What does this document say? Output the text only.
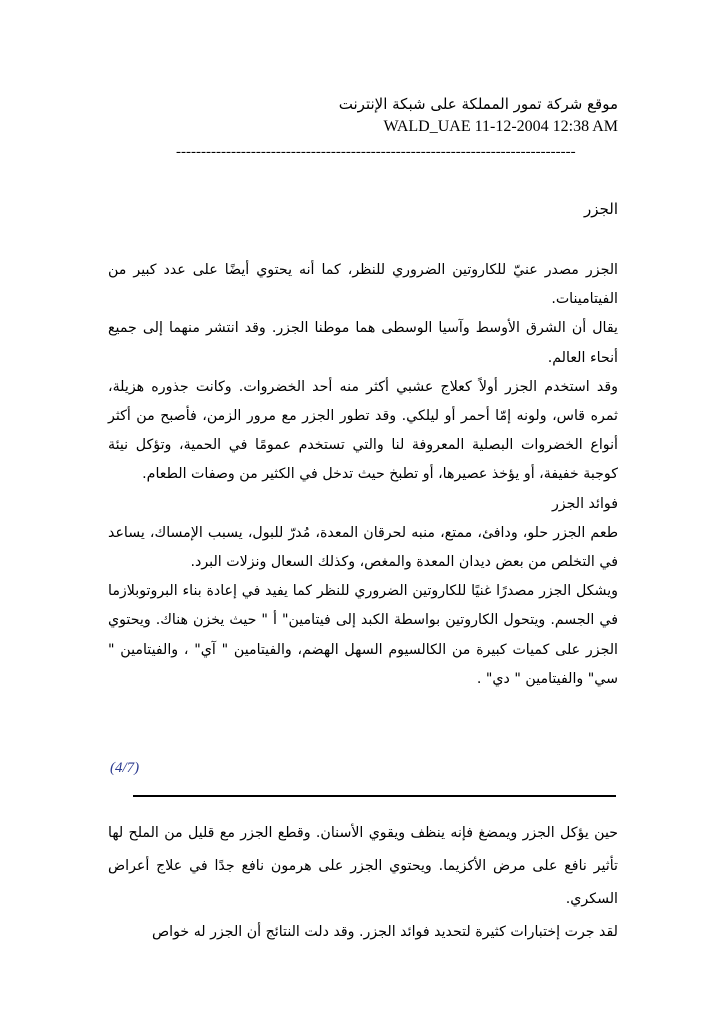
موقع شركة تمور المملكة على شبكة الإنترنت
WALD_UAE 11-12-2004 12:38 AM
--------------------------------------------------------------------------------
الجزر

الجزر مصدر عنيّ للكاروتين الضروري للنظر، كما أنه يحتوي أيضًا على عدد كبير من الفيتامينات.

يقال أن الشرق الأوسط وآسيا الوسطى هما موطنا الجزر. وقد انتشر منهما إلى جميع أنحاء العالم.

وقد استخدم الجزر أولاً كعلاج عشبي أكثر منه أحد الخضروات. وكانت جذوره هزيلة، ثمره قاس، ولونه إمّا أحمر أو ليلكي. وقد تطور الجزر مع مرور الزمن، فأصبح من أكثر أنواع الخضروات البصلية المعروفة لنا والتي تستخدم عمومًا في الحمية، وتؤكل نيئة كوجبة خفيفة، أو يؤخذ عصيرها، أو تطبخ حيث تدخل في الكثير من وصفات الطعام.

فوائد الجزر

طعم الجزر حلو، ودافئ، ممتع، منبه لحرقان المعدة، مُدرّ للبول، يسبب الإمساك، يساعد في التخلص من بعض ديدان المعدة والمغص، وكذلك السعال ونزلات البرد.

ويشكل الجزر مصدرًا غنيًا للكاروتين الضروري للنظر كما يفيد في إعادة بناء البروتوبلازما في الجسم. ويتحول الكاروتين بواسطة الكبد إلى فيتامين" أ " حيث يخزن هناك. ويحتوي الجزر على كميات كبيرة من الكالسيوم السهل الهضم، والفيتامين " آي" ، والفيتامين " سي" والفيتامين " دي" .

(4/7)

حين يؤكل الجزر ويمضغ فإنه ينظف ويقوي الأسنان. وقطع الجزر مع قليل من الملح لها تأثير نافع على مرض الأكزيما. ويحتوي الجزر على هرمون نافع جدًا في علاج أعراض السكري.

لقد جرت إختبارات كثيرة لتحديد فوائد الجزر. وقد دلت النتائج أن الجزر له خواص
